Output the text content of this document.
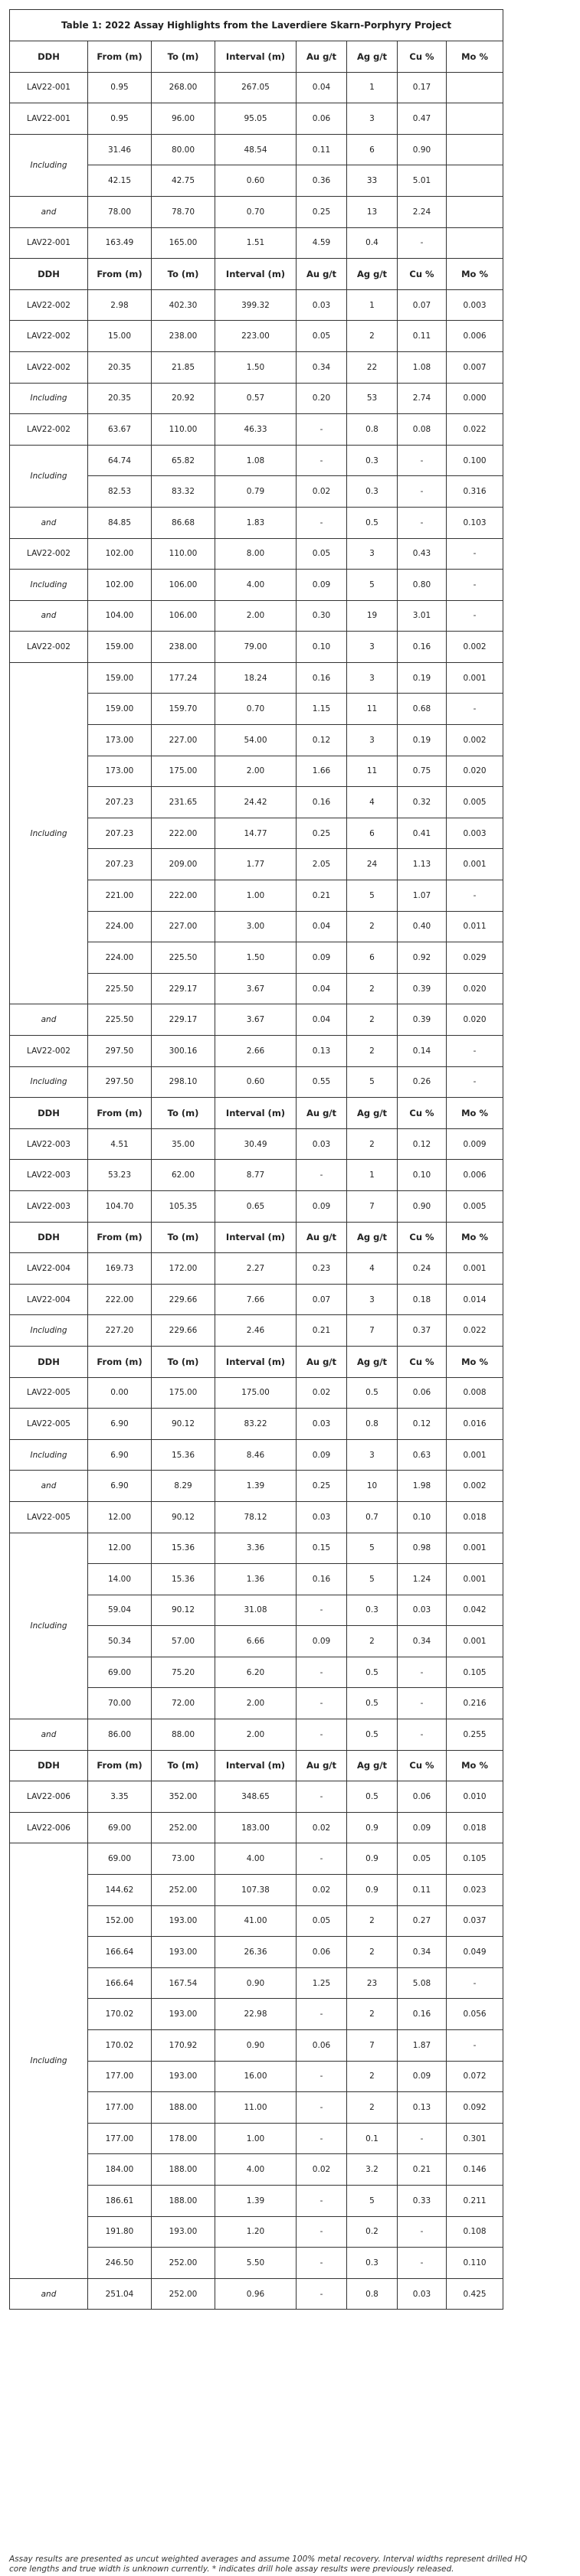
Table 1: 2022 Assay Highlights from the Laverdiere Skarn-Porphyry Project							
DDH	From (m)	To (m)	Interval (m)	Au g/t	Ag g/t	Cu %	Mo %
LAV22-001	0.95	268.00	267.05	0.04	1	0.17	
LAV22-001	0.95	96.00	95.05	0.06	3	0.47	
Including	31.46	80.00	48.54	0.11	6	0.90	
	42.15	42.75	0.60	0.36	33	5.01	
and	78.00	78.70	0.70	0.25	13	2.24	
LAV22-001	163.49	165.00	1.51	4.59	0.4	-	
DDH	From (m)	To (m)	Interval (m)	Au g/t	Ag g/t	Cu %	Mo %
LAV22-002	2.98	402.30	399.32	0.03	1	0.07	0.003
LAV22-002	15.00	238.00	223.00	0.05	2	0.11	0.006
LAV22-002	20.35	21.85	1.50	0.34	22	1.08	0.007
Including	20.35	20.92	0.57	0.20	53	2.74	0.000
LAV22-002	63.67	110.00	46.33	-	0.8	0.08	0.022
Including	64.74	65.82	1.08	-	0.3	-	0.100
	82.53	83.32	0.79	0.02	0.3	-	0.316
and	84.85	86.68	1.83	-	0.5	-	0.103
LAV22-002	102.00	110.00	8.00	0.05	3	0.43	-
Including	102.00	106.00	4.00	0.09	5	0.80	-
and	104.00	106.00	2.00	0.30	19	3.01	-
LAV22-002	159.00	238.00	79.00	0.10	3	0.16	0.002
Including	159.00	177.24	18.24	0.16	3	0.19	0.001
	159.00	159.70	0.70	1.15	11	0.68	-
	173.00	227.00	54.00	0.12	3	0.19	0.002
	173.00	175.00	2.00	1.66	11	0.75	0.020
	207.23	231.65	24.42	0.16	4	0.32	0.005
	207.23	222.00	14.77	0.25	6	0.41	0.003
	207.23	209.00	1.77	2.05	24	1.13	0.001
	221.00	222.00	1.00	0.21	5	1.07	-
	224.00	227.00	3.00	0.04	2	0.40	0.011
	224.00	225.50	1.50	0.09	6	0.92	0.029
	225.50	229.17	3.67	0.04	2	0.39	0.020
and	225.50	229.17	3.67	0.04	2	0.39	0.020
LAV22-002	297.50	300.16	2.66	0.13	2	0.14	-
Including	297.50	298.10	0.60	0.55	5	0.26	-
DDH	From (m)	To (m)	Interval (m)	Au g/t	Ag g/t	Cu %	Mo %
LAV22-003	4.51	35.00	30.49	0.03	2	0.12	0.009
LAV22-003	53.23	62.00	8.77	-	1	0.10	0.006
LAV22-003	104.70	105.35	0.65	0.09	7	0.90	0.005
DDH	From (m)	To (m)	Interval (m)	Au g/t	Ag g/t	Cu %	Mo %
LAV22-004	169.73	172.00	2.27	0.23	4	0.24	0.001
LAV22-004	222.00	229.66	7.66	0.07	3	0.18	0.014
Including	227.20	229.66	2.46	0.21	7	0.37	0.022
DDH	From (m)	To (m)	Interval (m)	Au g/t	Ag g/t	Cu %	Mo %
LAV22-005	0.00	175.00	175.00	0.02	0.5	0.06	0.008
LAV22-005	6.90	90.12	83.22	0.03	0.8	0.12	0.016
Including	6.90	15.36	8.46	0.09	3	0.63	0.001
and	6.90	8.29	1.39	0.25	10	1.98	0.002
LAV22-005	12.00	90.12	78.12	0.03	0.7	0.10	0.018
Including	12.00	15.36	3.36	0.15	5	0.98	0.001
	14.00	15.36	1.36	0.16	5	1.24	0.001
	59.04	90.12	31.08	-	0.3	0.03	0.042
	50.34	57.00	6.66	0.09	2	0.34	0.001
	69.00	75.20	6.20	-	0.5	-	0.105
	70.00	72.00	2.00	-	0.5	-	0.216
and	86.00	88.00	2.00	-	0.5	-	0.255
DDH	From (m)	To (m)	Interval (m)	Au g/t	Ag g/t	Cu %	Mo %
LAV22-006	3.35	352.00	348.65	-	0.5	0.06	0.010
LAV22-006	69.00	252.00	183.00	0.02	0.9	0.09	0.018
Including	69.00	73.00	4.00	-	0.9	0.05	0.105
	144.62	252.00	107.38	0.02	0.9	0.11	0.023
	152.00	193.00	41.00	0.05	2	0.27	0.037
	166.64	193.00	26.36	0.06	2	0.34	0.049
	166.64	167.54	0.90	1.25	23	5.08	-
	170.02	193.00	22.98	-	2	0.16	0.056
	170.02	170.92	0.90	0.06	7	1.87	-
	177.00	193.00	16.00	-	2	0.09	0.072
	177.00	188.00	11.00	-	2	0.13	0.092
	177.00	178.00	1.00	-	0.1	-	0.301
	184.00	188.00	4.00	0.02	3.2	0.21	0.146
	186.61	188.00	1.39	-	5	0.33	0.211
	191.80	193.00	1.20	-	0.2	-	0.108
	246.50	252.00	5.50	-	0.3	-	0.110
and	251.04	252.00	0.96	-	0.8	0.03	0.425
Assay results are presented as uncut weighted averages and assume 100% metal recovery. Interval widths represent drilled HQ core lengths and true width is unknown currently. * indicates drill hole assay results were previously released.
